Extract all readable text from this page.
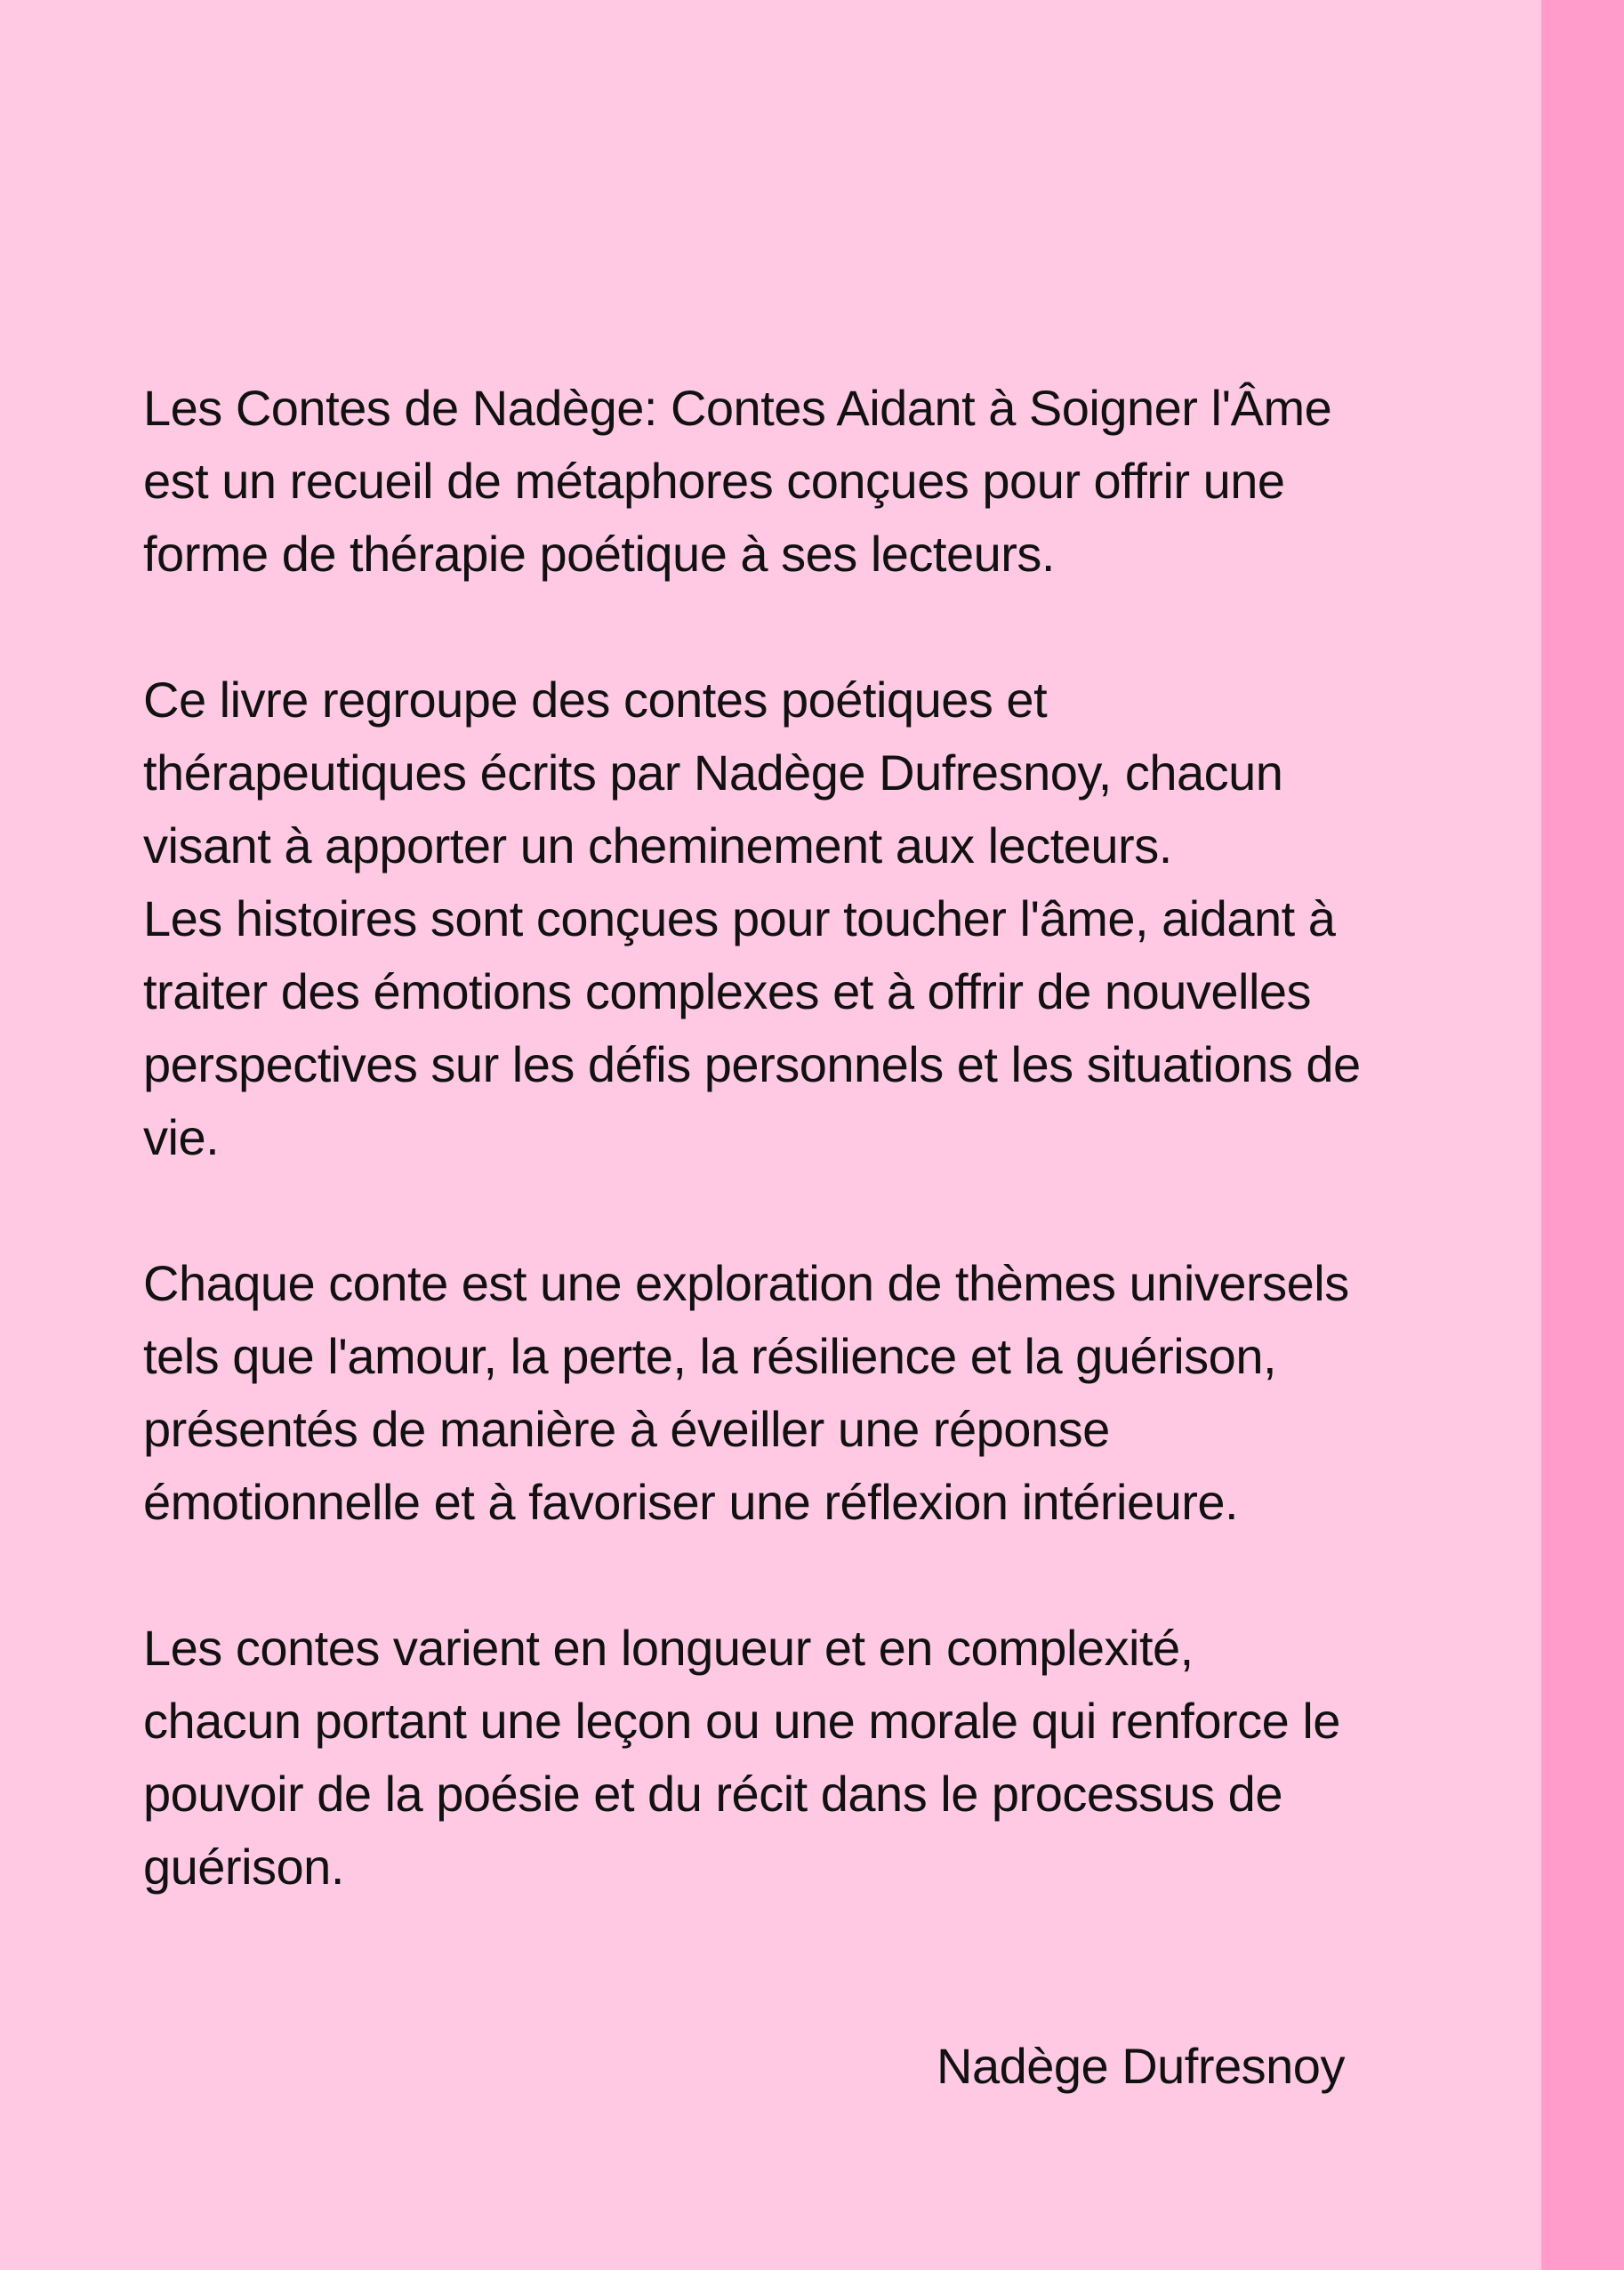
Les Contes de Nadège: Contes Aidant à Soigner l'Âme
est un recueil de métaphores conçues pour offrir une
forme de thérapie poétique à ses lecteurs.

Ce livre regroupe des contes poétiques et
thérapeutiques écrits par Nadège Dufresnoy, chacun
visant à apporter un cheminement aux lecteurs.

Les histoires sont conçues pour toucher l'âme, aidant à
traiter des émotions complexes et à offrir de nouvelles
perspectives sur les défis personnels et les situations de
vie.

Chaque conte est une exploration de thèmes universels
tels que l'amour, la perte, la résilience et la guérison,
présentés de manière à éveiller une réponse
émotionnelle et à favoriser une réflexion intérieure.

Les contes varient en longueur et en complexité,
chacun portant une leçon ou une morale qui renforce le
pouvoir de la poésie et du récit dans le processus de
guérison.

Nadège Dufresnoy
